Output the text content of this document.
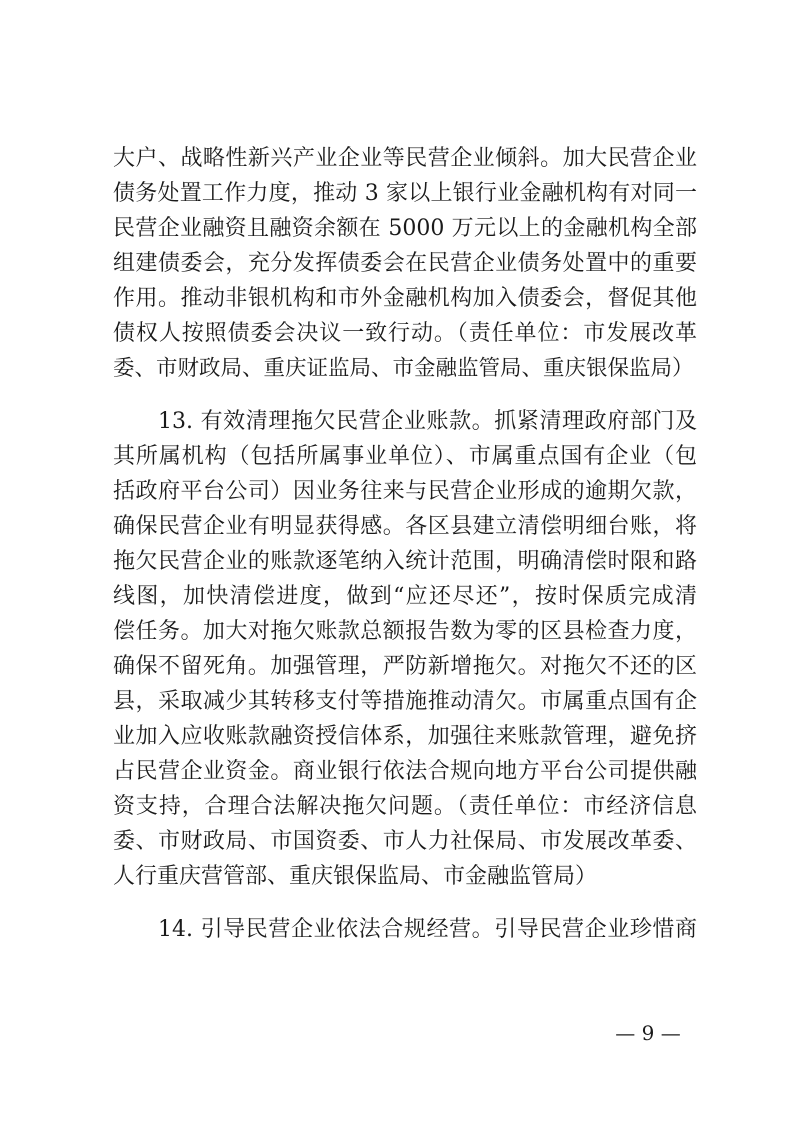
大户、战略性新兴产业企业等民营企业倾斜。加大民营企业
债务处置工作力度，推动 3 家以上银行业金融机构有对同一
民营企业融资且融资余额在 5000 万元以上的金融机构全部
组建债委会，充分发挥债委会在民营企业债务处置中的重要
作用。推动非银机构和市外金融机构加入债委会，督促其他
债权人按照债委会决议一致行动。（责任单位：市发展改革
委、市财政局、重庆证监局、市金融监管局、重庆银保监局）
13. 有效清理拖欠民营企业账款。抓紧清理政府部门及
其所属机构（包括所属事业单位）、市属重点国有企业（包
括政府平台公司）因业务往来与民营企业形成的逾期欠款，
确保民营企业有明显获得感。各区县建立清偿明细台账，将
拖欠民营企业的账款逐笔纳入统计范围，明确清偿时限和路
线图，加快清偿进度，做到“应还尽还”，按时保质完成清
偿任务。加大对拖欠账款总额报告数为零的区县检查力度，
确保不留死角。加强管理，严防新增拖欠。对拖欠不还的区
县，采取减少其转移支付等措施推动清欠。市属重点国有企
业加入应收账款融资授信体系，加强往来账款管理，避免挤
占民营企业资金。商业银行依法合规向地方平台公司提供融
资支持，合理合法解决拖欠问题。（责任单位：市经济信息
委、市财政局、市国资委、市人力社保局、市发展改革委、
人行重庆营管部、重庆银保监局、市金融监管局）
14. 引导民营企业依法合规经营。引导民营企业珍惜商
— 9 —
